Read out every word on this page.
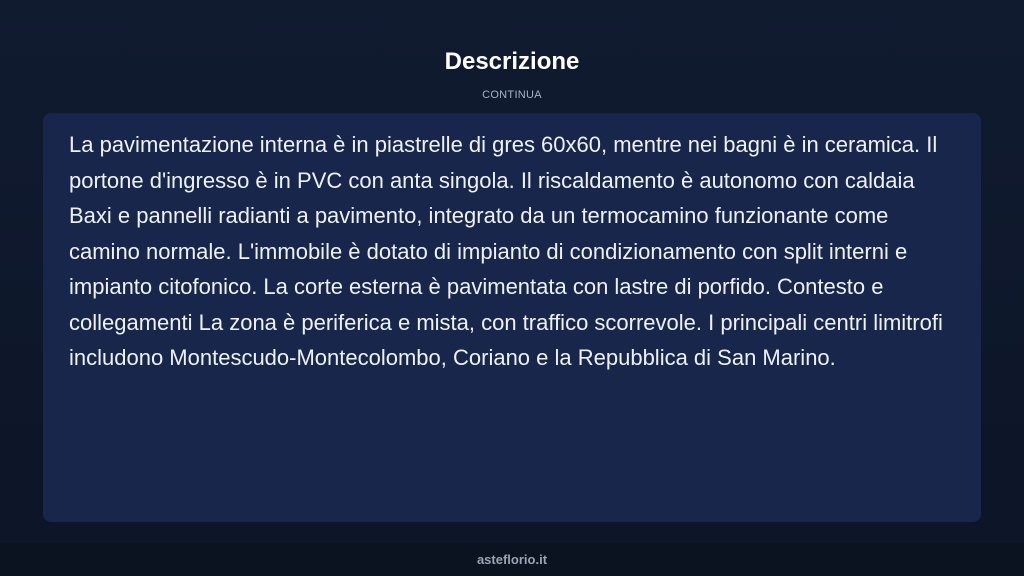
Descrizione
CONTINUA

La pavimentazione interna è in piastrelle di gres 60x60, mentre nei bagni è in ceramica. Il portone d'ingresso è in PVC con anta singola. Il riscaldamento è autonomo con caldaia Baxi e pannelli radianti a pavimento, integrato da un termocamino funzionante come camino normale. L'immobile è dotato di impianto di condizionamento con split interni e impianto citofonico. La corte esterna è pavimentata con lastre di porfido. Contesto e collegamenti La zona è periferica e mista, con traffico scorrevole. I principali centri limitrofi includono Montescudo-Montecolombo, Coriano e la Repubblica di San Marino.

asteflorio.it
